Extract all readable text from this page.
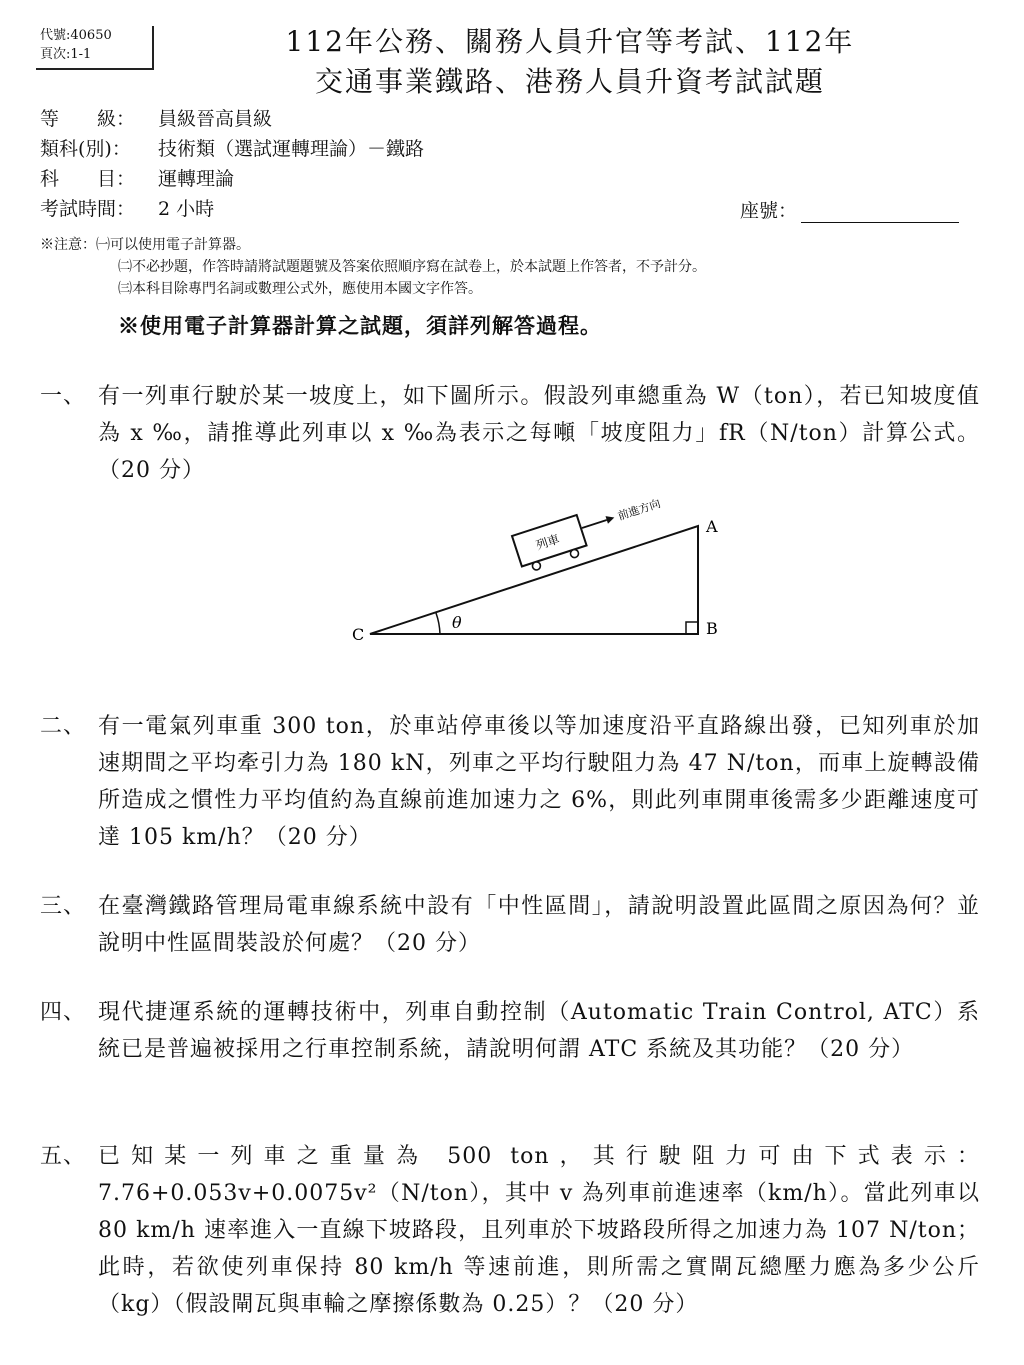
代號:40650
頁次:1-1	112年公務、關務人員升官等考試、112年
交通事業鐵路、港務人員升資考試試題
等　　級： 員級晉高員級
類科(別)： 技術類（選試運轉理論）－鐵路
科　　目： 運轉理論
考試時間： 2 小時	座號：
※注意：㈠可以使用電子計算器。
㈡不必抄題，作答時請將試題題號及答案依照順序寫在試卷上，於本試題上作答者，不予計分。
㈢本科目除專門名詞或數理公式外，應使用本國文字作答。
※使用電子計算器計算之試題，須詳列解答過程。
一、 有一列車行駛於某一坡度上，如下圖所示。假設列車總重為 W（ton），若已知坡度值為 x ‰，請推導此列車以 x ‰為表示之每噸「坡度阻力」fR（N/ton）計算公式。（20 分）
θ
C
A
B
列車
前進方向
二、 有一電氣列車重 300 ton，於車站停車後以等加速度沿平直路線出發，已知列車於加速期間之平均牽引力為 180 kN，列車之平均行駛阻力為 47 N/ton，而車上旋轉設備所造成之慣性力平均值約為直線前進加速力之 6%，則此列車開車後需多少距離速度可達 105 km/h？（20 分）
三、 在臺灣鐵路管理局電車線系統中設有「中性區間」，請說明設置此區間之原因為何？並說明中性區間裝設於何處？（20 分）
四、 現代捷運系統的運轉技術中，列車自動控制（Automatic Train Control, ATC）系統已是普遍被採用之行車控制系統，請說明何謂 ATC 系統及其功能？（20 分）
五、 已知某一列車之重量為 500 ton，其行駛阻力可由下式表示：7.76+0.053v+0.0075v²（N/ton），其中 v 為列車前進速率（km/h）。當此列車以 80 km/h 速率進入一直線下坡路段，且列車於下坡路段所得之加速力為 107 N/ton；此時，若欲使列車保持 80 km/h 等速前進，則所需之實閘瓦總壓力應為多少公斤（kg）（假設閘瓦與車輪之摩擦係數為 0.25）？（20 分）
